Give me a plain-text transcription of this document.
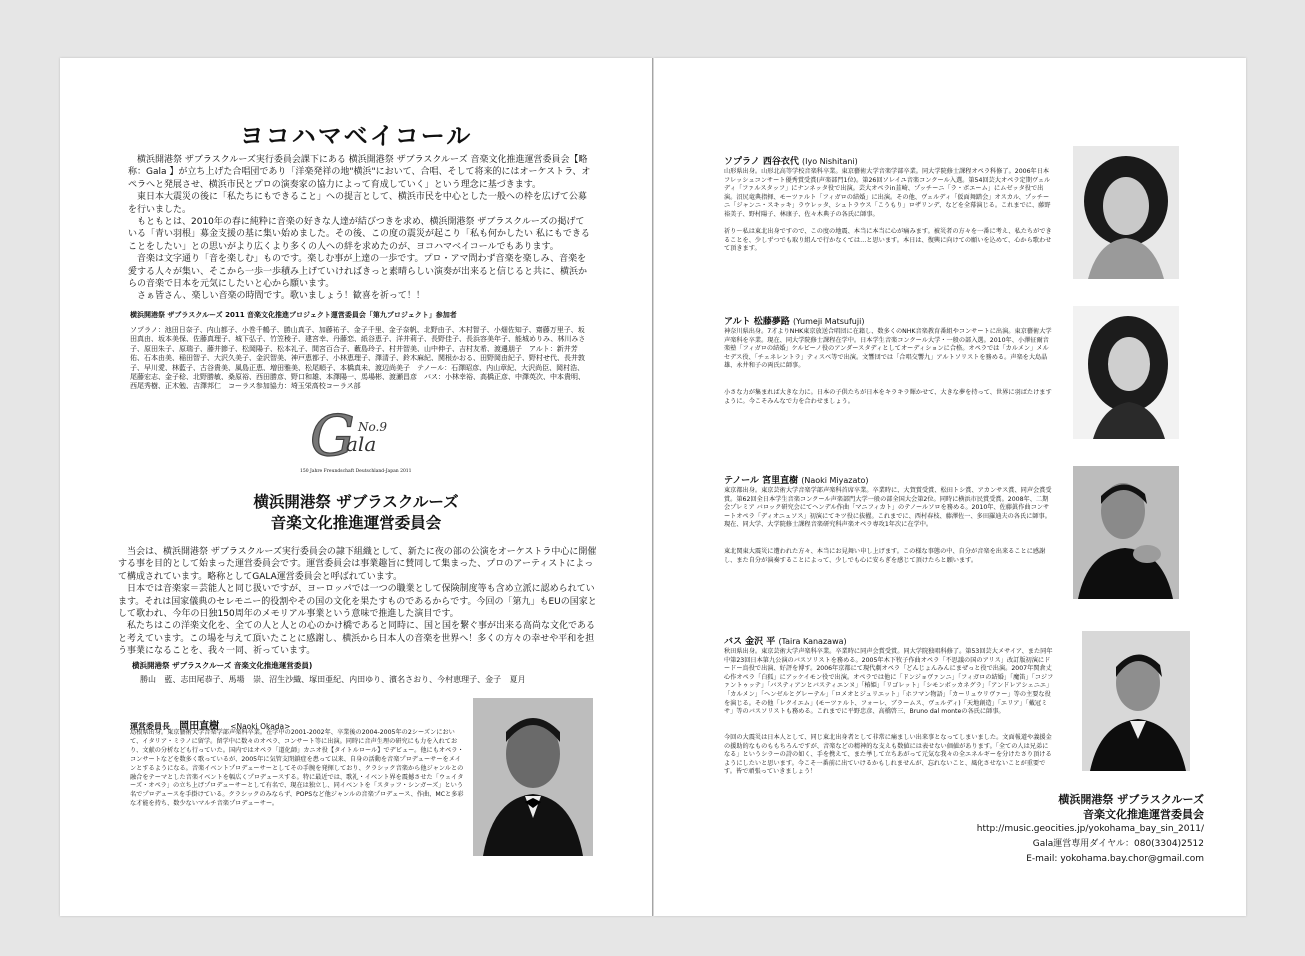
ヨコハマベイコール

横浜開港祭 ザブラスクルーズ実行委員会課下にある 横浜開港祭 ザブラスクルーズ 音楽文化推進運営委員会【略称：Gala 】が立ち上げた合唱団であり「洋楽発祥の地"横浜"において、合唱、そして将来的にはオーケストラ、オペラへと発展させ、横浜市民とプロの演奏家の協力によって育成していく」という理念に基づきます。

東日本大震災の後に「私たちにもできること」への提言として、横浜市民を中心とした一般への枠を広げて公募を行いました。

もともとは、2010年の春に純粋に音楽の好きな人達が結びつきを求め、横浜開港祭 ザブラスクルーズの掲げている「青い羽根」募金支援の基に集い始めました。その後、この度の震災が起こり「私も何かしたい 私にもできることをしたい」との思いがより広くより多くの人への絆を求めたのが、ヨコハマベイコールでもあります。

音楽は文字通り「音を楽しむ」ものです。楽しむ事が上達の一歩です。プロ・アマ問わず音楽を楽しみ、音楽を愛する人々が集い、そこから一歩一歩積み上げていければきっと素晴らしい演奏が出来ると信じると共に、横浜からの音楽で日本を元気にしたいと心から願います。

さぁ皆さん、楽しい音楽の時間です。歌いましょう！歓喜を祈って！！

横浜開港祭 ザブラスクルーズ 2011 音楽文化推進プロジェクト運営委員会「第九プロジェクト」参加者
ソプラノ：池田日奈子、内山都子、小巻千鶴子、勝山真子、加藤祐子、金子千里、金子奈帆、北野由子、木村智子、小畑佐知子、齋藤万里子、坂田真由、坂本美保、佐藤真理子、城下弘子、竹笠稜子、建宮幸、丹藤恋、紙谷恵子、洋井莉子、長野佳子、長浜容美年子、能城めりみ、林川みさ子、原田朱子、原瑞子、藤井節子、松岡陽子、松本礼子、間宮百合子、藪島玲子、村井智美、山中伸子、吉村友希、渡邊朋子　アルト：新井芳佑、石本由美、稲田智子、大沢久美子、金沢智美、神戸恵都子、小林恵理子、澤清子、鈴木麻紀、関根かおる、田野岡由紀子、野村せ代、長井敦子、早川愛、林藍子、古谷貴美、風島正恵、増田雅美、松尾順子、本橋真未、渡辺尚美子　テノール：石澤昭彦、内山章紀、大沢尚臣、岡村浩、尾藤宏志、金子稔、北野勝敏、桑原裕、西田勝彦、野口和雄、本澤陽一、馬場彬、渡瀬昌彦　バス：小林幸裕、高橋正彦、中澤英次、中本貴明、西尾秀樹、正木勉、吉澤邦仁　コーラス参加協力：埼玉栄高校コーラス部
G No.9
ala
150 Jahre Freundschaft Deutschland-Japan 2011
横浜開港祭 ザブラスクルーズ
音楽文化推進運営委員会

当会は、横浜開港祭 ザブラスクルーズ実行委員会の隷下組織として、新たに夜の部の公演をオーケストラ中心に開催する事を目的として始まった運営委員会です。運営委員会は事業趣旨に賛同して集まった、プロのアーティストによって構成されています。略称としてGALA運営委員会と呼ばれています。

日本では音楽家＝芸能人と同じ扱いですが、ヨーロッパでは一つの職業として保険制度等も含め立派に認められています。それは国家儀典のセレモニー的役割やその国の文化を果たすものであるからです。今回の「第九」もEUの国家として歌われ、今年の日独150周年のメモリアル事業という意味で推進した演目です。

私たちはこの洋楽文化を、全ての人と人との心のかけ橋であると同時に、国と国を繋ぐ事が出来る高尚な文化であると考えています。この場を与えて頂いたことに感謝し、横浜から日本人の音楽を世界へ！多くの方々の幸せや平和を担う事業になることを、我々一同、祈っています。

横浜開港祭 ザブラスクルーズ 音楽文化推進運営委員)
勝山 藍、志田尾恭子、馬場 崇、沼生沙織、塚田亜紀、内田ゆり、濱名さおり、今村恵理子、金子 夏月
運営委員長 岡田直樹 <Naoki Okada>
島根県出身。東京藝術大学音楽学部声楽科卒業。在学中の2001-2002年、卒業後の2004-2005年の2シーズンにおいて、イタリア・ミラノに留学。留学中に数々のオペラ、コンサート等に出演。同時に音声生理の研究にも力を入れており、文献の分析なども行っていた。国内ではオペラ「道化師」カニオ役【タイトルロール】でデビュー。他にもオペラ・コンサートなどを数多く歌っているが、2005年に気管支閉鎖症を患って以来、自身の活動を音楽プロデューサーをメインとするようになる。音楽イベントプロデューサーとしてその手腕を発揮しており、クラシック音楽から他ジャンルとの融合をテーマとした音楽イベントを幅広くプロデュースする。特に最近では、歌礼・イベント界を震撼させた「ウェイターズ・オペラ」の立ち上げプロデューサーとして有名で、現在は独立し、同イベントを「スタッフ・シンガーズ」という名でプロデュースを手掛けている。クラシックのみならず、POPSなど他ジャンルの音楽プロデュース、作曲、MCと多彩な才能を持ち、数少ないマルチ音楽プロデューサー。
ソプラノ 西谷衣代 (Iyo Nishitani)
山形県出身。山形北高等学校音楽科卒業。東京藝術大学音楽学部卒業。同大学院修士課程オペラ科修了。2006年日本フレッシュコンサート優秀賞受賞(声楽部門1位)。第26回ソレイユ音楽コンクール入選。第54回芸大オペラ定期ヴェルディ「ファルスタッフ」にナンネッタ役で出演。芸大オペラin韮崎、プッチーニ「ラ・ボエーム」にムゼッタ役で出演。沼尻竜典指揮、モーツァルト「フィガロの結婚」に出演。その他、ヴェルディ「仮面舞踏会」オスカル、プッチーニ「ジャンニ・スキッキ」ラウレッタ、シュトラウス「こうもり」ロザリンデ、などを全幕演じる。これまでに、藤野裕美子、野村陽子、林康子、佐々木典子の各氏に師事。
祈り～私は東北出身ですので、この度の地震、本当に本当に心が痛みます。被災者の方々を一番に考え、私たちができることを、少しずつでも取り組んで行かなくては…と思います。本日は、復興に向けての願いを込めて、心から歌わせて頂きます。
アルト 松藤夢路 (Yumeji Matsufuji)
神奈川県出身。7才よりNHK東京放送合唱団に在籍し、数多くのNHK音楽教育番組やコンサートに出演。東京藝術大学声楽科を卒業。現在、同大学院修士課程在学中。日本学生音楽コンクール大学・一般の部入選。2010年、小澤征爾音楽塾「フィガロの結婚」ケルビーノ役のアンダースタディとしてオーディションに合格。オペラでは「カルメン」メルセデス役、「チェネレントラ」ティスベ等で出演。文響団では「合唱交響九」アルトソリストを務める。声楽を大島晶雄、永井和子の両氏に師事。
小さな力が集まれば大きな力に。日本の子供たちが日本をキラキラ輝かせて、大きな夢を持って、世界に羽ばたけますように。今こそみんなで力を合わせましょう。
テノール 宮里直樹 (Naoki Miyazato)
東京都出身。東京芸術大学音楽学部声楽科首席卒業。卒業時に、大賀賞受賞、松田トシ賞、アカンサス賞、同声会賞受賞。第62回全日本学生音楽コンクール声楽部門大学一般の部全国大会第2位。同時に横浜市民賞受賞。2008年、二期会プレミア バロック研究会にてヘンデル作曲「マニフィカト」のテノールソロを務める。2010年、佐藤眞作曲コンサートオペラ「ディオニュソス」初演にてキツ役に抜擢。これまでに、西村春枝、藤澤佐一、多田羅迪夫の各氏に師事。現在、同大学、大学院修士課程音楽研究科声楽オペラ専攻1年次に在学中。
東北関東大震災に遭われた方々、本当にお見舞い申し上げます。この様な事態の中、自分が音楽を出来ることに感謝し、また自分が演奏することによって、少しでも心に安らぎを感じて頂けたらと願います。
バス 金沢 平 (Taira Kanazawa)
秋田県出身。東京芸術大学声楽科卒業。卒業時に同声会賞受賞。同大学院独唱科修了。第53回芸大メサイア、また同年中第23回日本第九公演のバスソリストを務める。2005年木下牧子作曲オペラ「不思議の国のアリス」改訂版初演にドードー鳥役で出演、好評を博す。2006年京都にて現代劇オペラ「どんじょんみんにまぜっと役で出演。2007年関倉丈心作オペラ「白狐」にアッケイモン役で出演。オペラでは他に「ドンジョヴァンニ」「フィガロの結婚」「魔笛」「コジファントゥッテ」「バスティアンとバスティエンヌ」「椿姫」「リゴレット」「シモンボッカネグラ」「アンドレアシェニエ」「カルメン」「ヘンゼルとグレーテル」「ロメオとジュリエット」「ホフマン物語」「カーリュウリヴァー」等の主要な役を演じる。その他「レクイエム」(モーツァルト、フォーレ、ブラームス、ヴェルディ)「天地創造」「エリア」「戴冠ミサ」等のバスソリストも務める。これまでに平野忠彦、高橋啓三、Bruno dal monteの各氏に師事。
今回の大震災は日本人として、同じ東北出身者として非常に痛ましい出来事となってしまいました。文面報道や義援金の援助的なものももちろんですが、音楽などの精神的な支えも数値には表せない価値があります。「全ての人は兄弟になる」というシラーの詩の如く、手を携えて、また挙して立ちあがって元気な我々の全エネルギーを分けたさり頂けるようにしたいと思います。今こそ一番前に出ていけるかもしれませんが、忘れないこと、風化させないことが重要です。皆で頑張っていきましょう！
横浜開港祭 ザブラスクルーズ
音楽文化推進運営委員会
http://music.geocities.jp/yokohama_bay_sin_2011/
Gala運営専用ダイヤル：080(3304)2512
E-mail: yokohama.bay.chor@gmail.com
